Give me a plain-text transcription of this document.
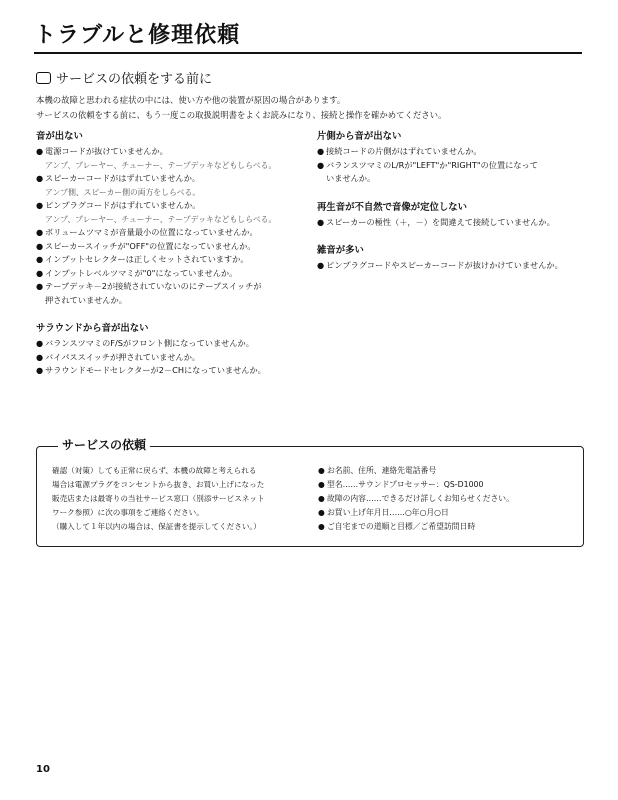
トラブルと修理依頼
サービスの依頼をする前に

本機の故障と思われる症状の中には、使い方や他の装置が原因の場合があります。

サービスの依頼をする前に、もう一度この取扱説明書をよくお読みになり、接続と操作を確かめてください。

音が出ない

● 電源コードが抜けていませんか。

アンプ、プレーヤー、チューナー、テープデッキなどもしらべる。

● スピーカーコードがはずれていませんか。

アンプ側、スピーカー側の両方をしらべる。

● ピンプラグコードがはずれていませんか。

アンプ、プレーヤー、チューナー、テープデッキなどもしらべる。

● ボリュームツマミが音量最小の位置になっていませんか。

● スピーカースイッチが"OFF"の位置になっていませんか。

● インプットセレクターは正しくセットされていますか。

● インプットレベルツマミが"0"になっていませんか。

● テープデッキ－2が接続されていないのにテープスイッチが

押されていませんか。

サラウンドから音が出ない

● バランスツマミのF/Sがフロント側になっていませんか。

● バイパススイッチが押されていませんか。

● サラウンドモードセレクターが2－CHになっていませんか。

片側から音が出ない

● 接続コードの片側がはずれていませんか。

● バランスツマミのL/Rが"LEFT"か"RIGHT"の位置になって

いませんか。

再生音が不自然で音像が定位しない

● スピーカーの極性（＋，－）を間違えて接続していませんか。

雑音が多い

● ピンプラグコードやスピーカーコードが抜けかけていませんか。

サービスの依頼

確認（対策）しても正常に戻らず、本機の故障と考えられる

場合は電源プラグをコンセントから抜き、お買い上げになった

販売店または最寄りの当社サービス窓口（別添サービスネット

ワーク参照）に次の事項をご連絡ください。

（購入して１年以内の場合は、保証書を提示してください。）

● お名前、住所、連絡先電話番号

● 型名……サウンドプロセッサー：QS-D1000

● 故障の内容……できるだけ詳しくお知らせください。

● お買い上げ年月日……○年○月○日

● ご自宅までの道順と目標／ご希望訪問日時

10
